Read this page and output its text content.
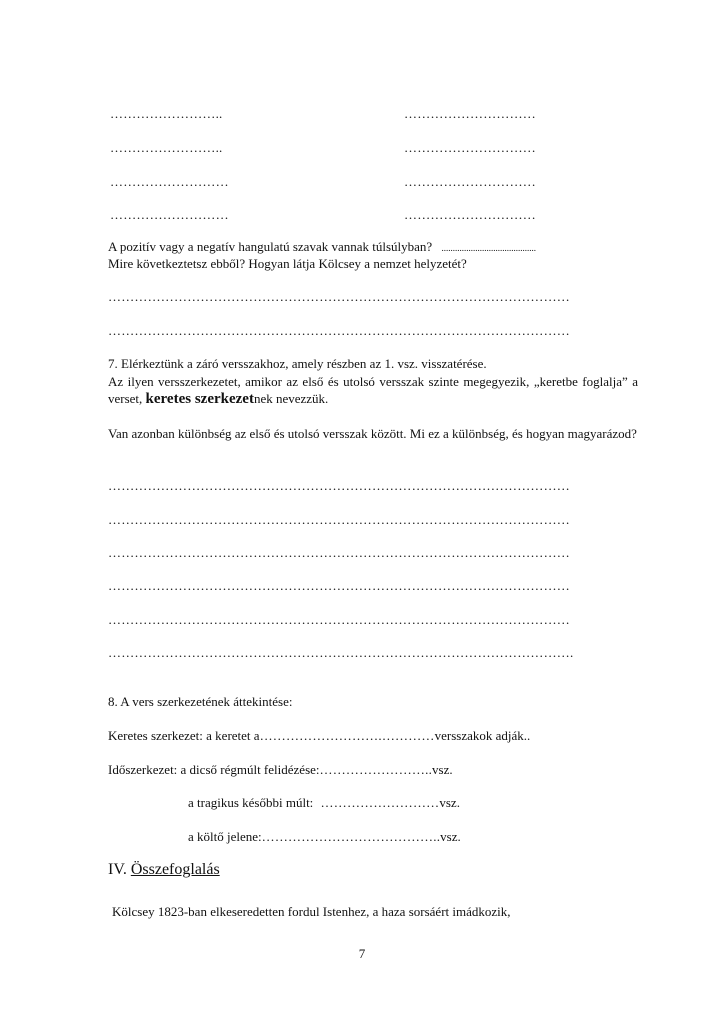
……………………..	…………………………
……………………..	…………………………
………………………	…………………………
………………………	…………………………
A pozitív vagy a negatív hangulatú szavak vannak túlsúlyban? ..........................................
Mire következtetsz ebből? Hogyan látja Kölcsey a nemzet helyzetét?
……………………………………………………………………………………………
……………………………………………………………………………………………
7. Elérkeztünk a záró versszakhoz, amely részben az 1. vsz. visszatérése.
Az ilyen versszerkezetet, amikor az első és utolsó versszak szinte megegyezik, „keretbe foglalja” a verset, keretes szerkezetnek nevezzük.
Van azonban különbség az első és utolsó versszak között. Mi ez a különbség, és hogyan magyarázod?
……………………………………………………………………………………………
……………………………………………………………………………………………
……………………………………………………………………………………………
……………………………………………………………………………………………
……………………………………………………………………………………………
…………………………………………………………………………………………….
8. A vers szerkezetének áttekintése:
Keretes szerkezet: a keretet a……………………….…………versszakok adják..
Időszerkezet: a dicső régmúlt felidézése:……………………..vsz.
a tragikus későbbi múlt: ………………………vsz.
a költő jelene:…………………………………..vsz.
IV. Összefoglalás
Kölcsey 1823-ban elkeseredetten fordul Istenhez, a haza sorsáért imádkozik,
7
